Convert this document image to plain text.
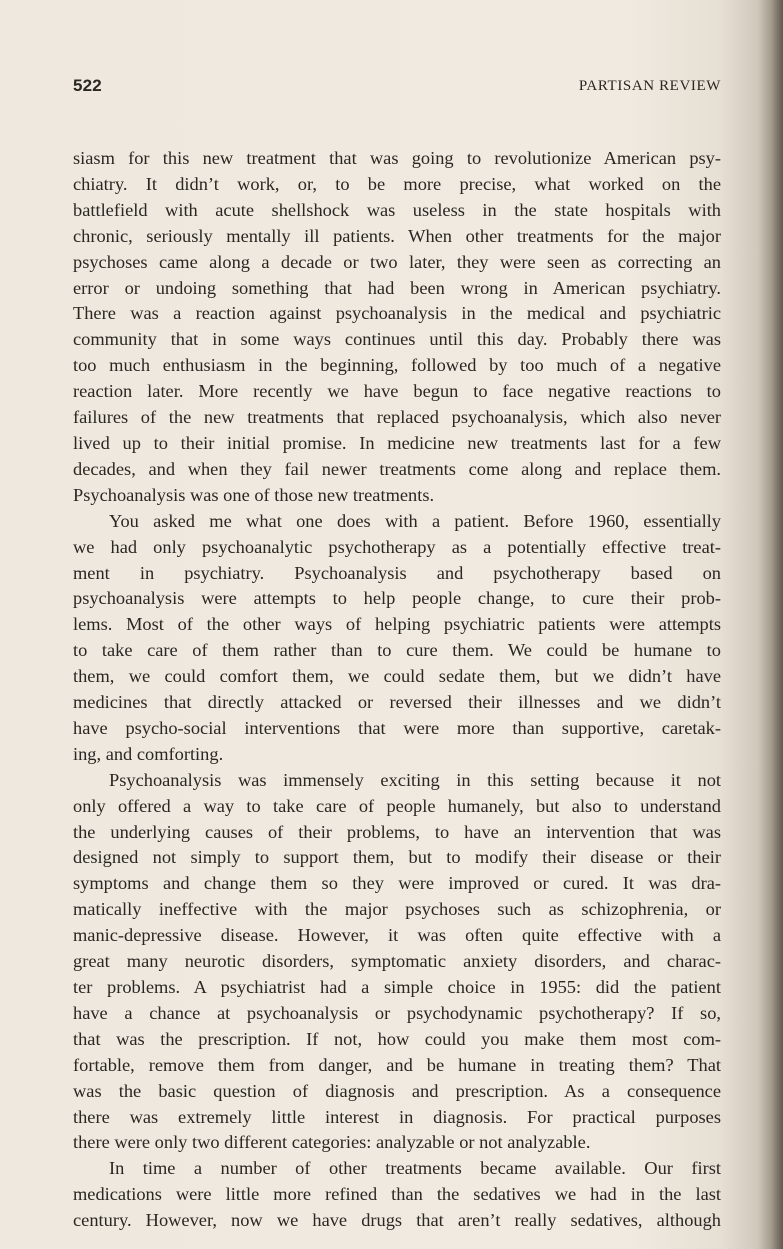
522	PARTISAN REVIEW
siasm for this new treatment that was going to revolutionize American psy-
chiatry. It didn’t work, or, to be more precise, what worked on the
battlefield with acute shellshock was useless in the state hospitals with
chronic, seriously mentally ill patients. When other treatments for the major
psychoses came along a decade or two later, they were seen as correcting an
error or undoing something that had been wrong in American psychiatry.
There was a reaction against psychoanalysis in the medical and psychiatric
community that in some ways continues until this day. Probably there was
too much enthusiasm in the beginning, followed by too much of a negative
reaction later. More recently we have begun to face negative reactions to
failures of the new treatments that replaced psychoanalysis, which also never
lived up to their initial promise. In medicine new treatments last for a few
decades, and when they fail newer treatments come along and replace them.
Psychoanalysis was one of those new treatments.
You asked me what one does with a patient. Before 1960, essentially
we had only psychoanalytic psychotherapy as a potentially effective treat-
ment in psychiatry. Psychoanalysis and psychotherapy based on
psychoanalysis were attempts to help people change, to cure their prob-
lems. Most of the other ways of helping psychiatric patients were attempts
to take care of them rather than to cure them. We could be humane to
them, we could comfort them, we could sedate them, but we didn’t have
medicines that directly attacked or reversed their illnesses and we didn’t
have psycho-social interventions that were more than supportive, caretak-
ing, and comforting.
Psychoanalysis was immensely exciting in this setting because it not
only offered a way to take care of people humanely, but also to understand
the underlying causes of their problems, to have an intervention that was
designed not simply to support them, but to modify their disease or their
symptoms and change them so they were improved or cured. It was dra-
matically ineffective with the major psychoses such as schizophrenia, or
manic-depressive disease. However, it was often quite effective with a
great many neurotic disorders, symptomatic anxiety disorders, and charac-
ter problems. A psychiatrist had a simple choice in 1955: did the patient
have a chance at psychoanalysis or psychodynamic psychotherapy? If so,
that was the prescription. If not, how could you make them most com-
fortable, remove them from danger, and be humane in treating them? That
was the basic question of diagnosis and prescription. As a consequence
there was extremely little interest in diagnosis. For practical purposes
there were only two different categories: analyzable or not analyzable.
In time a number of other treatments became available. Our first
medications were little more refined than the sedatives we had in the last
century. However, now we have drugs that aren’t really sedatives, although
